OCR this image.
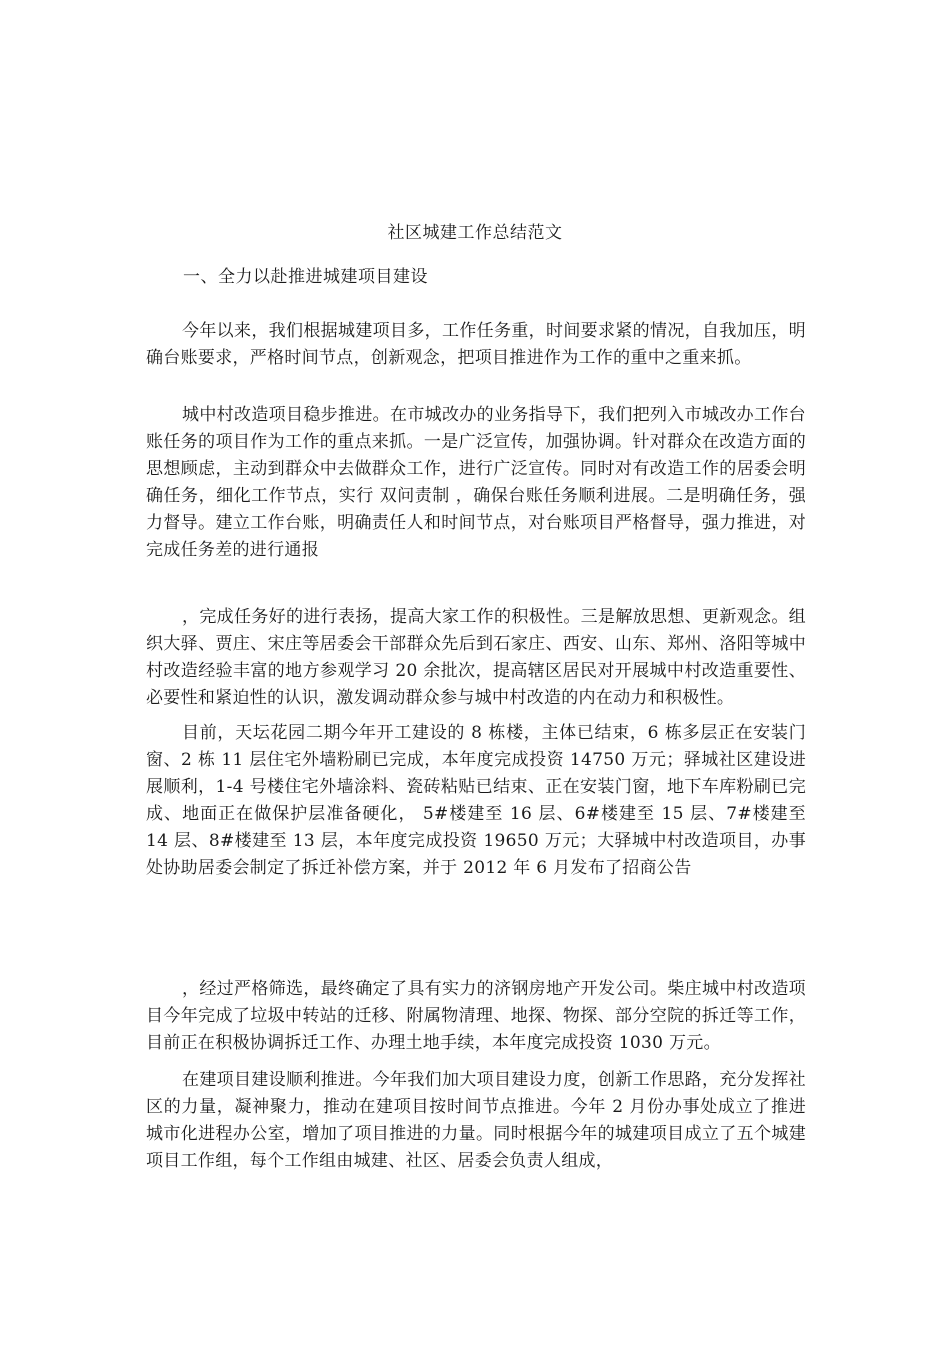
社区城建工作总结范文
一、全力以赴推进城建项目建设

今年以来，我们根据城建项目多，工作任务重，时间要求紧的情况，自我加压，明确台账要求，严格时间节点，创新观念，把项目推进作为工作的重中之重来抓。

城中村改造项目稳步推进。在市城改办的业务指导下，我们把列入市城改办工作台账任务的项目作为工作的重点来抓。一是广泛宣传，加强协调。针对群众在改造方面的思想顾虑，主动到群众中去做群众工作，进行广泛宣传。同时对有改造工作的居委会明确任务，细化工作节点，实行 双问责制 ，确保台账任务顺利进展。二是明确任务，强力督导。建立工作台账，明确责任人和时间节点，对台账项目严格督导，强力推进，对完成任务差的进行通报

，完成任务好的进行表扬，提高大家工作的积极性。三是解放思想、更新观念。组织大驿、贾庄、宋庄等居委会干部群众先后到石家庄、西安、山东、郑州、洛阳等城中村改造经验丰富的地方参观学习 20 余批次，提高辖区居民对开展城中村改造重要性、必要性和紧迫性的认识，激发调动群众参与城中村改造的内在动力和积极性。

目前，天坛花园二期今年开工建设的 8 栋楼，主体已结束，6 栋多层正在安装门窗、2 栋 11 层住宅外墙粉刷已完成，本年度完成投资 14750 万元；驿城社区建设进展顺利，1-4 号楼住宅外墙涂料、瓷砖粘贴已结束、正在安装门窗，地下车库粉刷已完成、地面正在做保护层准备硬化， 5#楼建至 16 层、6#楼建至 15 层、7#楼建至 14 层、8#楼建至 13 层，本年度完成投资 19650 万元；大驿城中村改造项目，办事处协助居委会制定了拆迁补偿方案，并于 2012 年 6 月发布了招商公告

，经过严格筛选，最终确定了具有实力的济钢房地产开发公司。柴庄城中村改造项目今年完成了垃圾中转站的迁移、附属物清理、地探、物探、部分空院的拆迁等工作，目前正在积极协调拆迁工作、办理土地手续，本年度完成投资 1030 万元。

在建项目建设顺利推进。今年我们加大项目建设力度，创新工作思路，充分发挥社区的力量，凝神聚力，推动在建项目按时间节点推进。今年 2 月份办事处成立了推进城市化进程办公室，增加了项目推进的力量。同时根据今年的城建项目成立了五个城建项目工作组，每个工作组由城建、社区、居委会负责人组成，
